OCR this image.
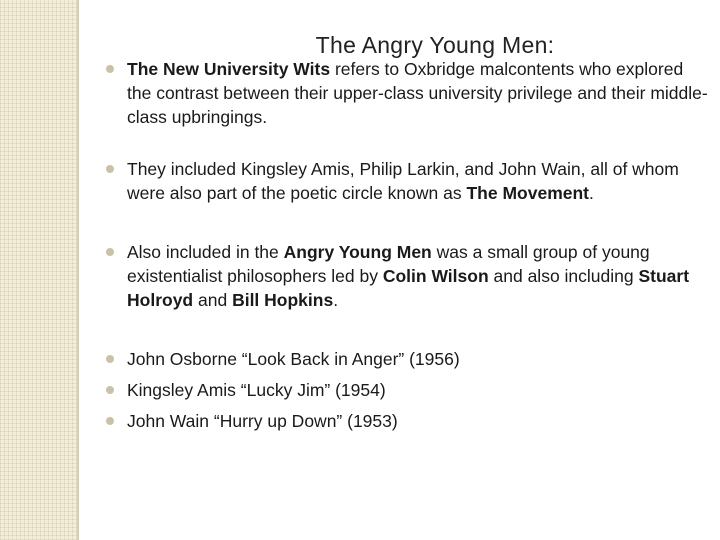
The Angry Young Men:
The New University Wits refers to Oxbridge malcontents who explored the contrast between their upper-class university privilege and their middle-class upbringings.
They included Kingsley Amis, Philip Larkin, and John Wain, all of whom were also part of the poetic circle known as The Movement.
Also included in the Angry Young Men was a small group of young existentialist philosophers led by Colin Wilson and also including Stuart Holroyd and Bill Hopkins.
John Osborne “Look Back in Anger” (1956)
Kingsley Amis “Lucky Jim” (1954)
John Wain “Hurry up Down” (1953)
